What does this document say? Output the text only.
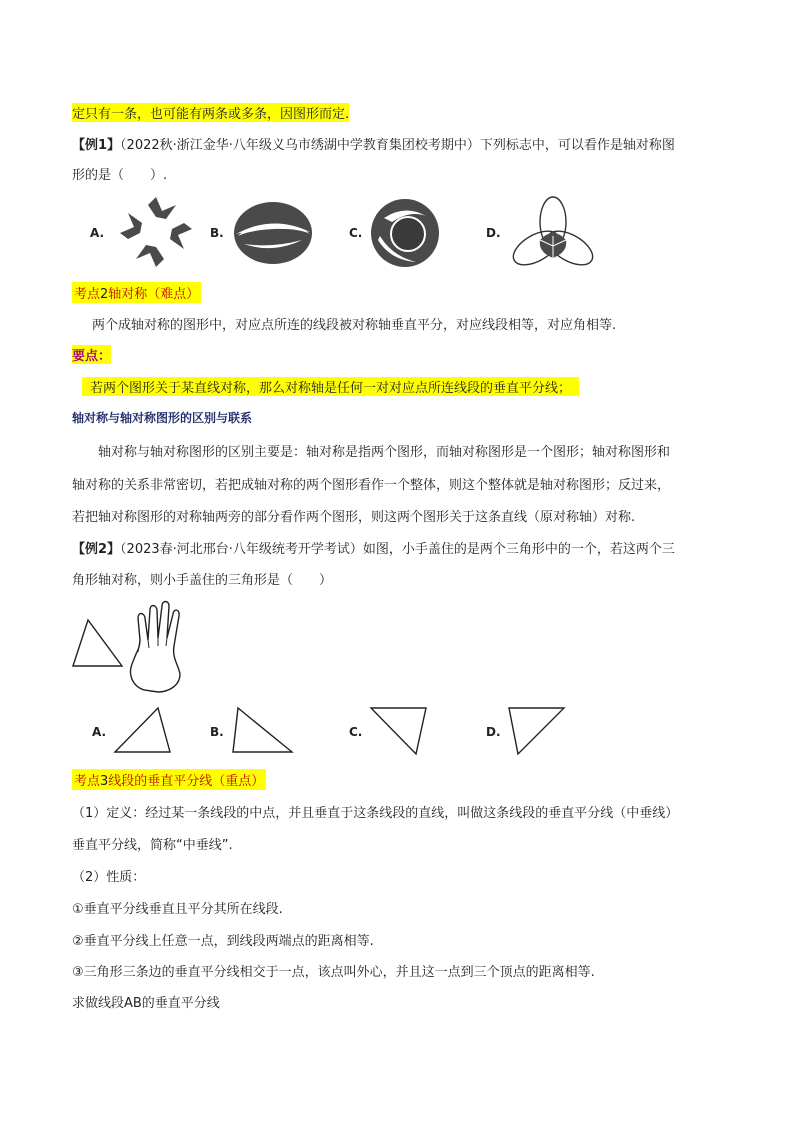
定只有一条，也可能有两条或多条，因图形而定.
【例1】（2022秋·浙江金华·八年级义乌市绣湖中学教育集团校考期中）下列标志中，可以看作是轴对称图
形的是（　　）.
A.	B.	C.	D.
考点2轴对称（难点）
两个成轴对称的图形中，对应点所连的线段被对称轴垂直平分，对应线段相等，对应角相等.
要点：
若两个图形关于某直线对称，那么对称轴是任何一对对应点所连线段的垂直平分线；
轴对称与轴对称图形的区别与联系
轴对称与轴对称图形的区别主要是：轴对称是指两个图形，而轴对称图形是一个图形；轴对称图形和
轴对称的关系非常密切，若把成轴对称的两个图形看作一个整体，则这个整体就是轴对称图形；反过来，
若把轴对称图形的对称轴两旁的部分看作两个图形，则这两个图形关于这条直线（原对称轴）对称.
【例2】（2023春·河北邢台·八年级统考开学考试）如图，小手盖住的是两个三角形中的一个，若这两个三
角形轴对称，则小手盖住的三角形是（　　）
A.	B.	C.	D.
考点3线段的垂直平分线（重点）
（1）定义：经过某一条线段的中点，并且垂直于这条线段的直线，叫做这条线段的垂直平分线（中垂线）
垂直平分线，简称“中垂线”.
（2）性质：
①垂直平分线垂直且平分其所在线段.
②垂直平分线上任意一点，到线段两端点的距离相等.
③三角形三条边的垂直平分线相交于一点，该点叫外心，并且这一点到三个顶点的距离相等.
求做线段AB的垂直平分线
